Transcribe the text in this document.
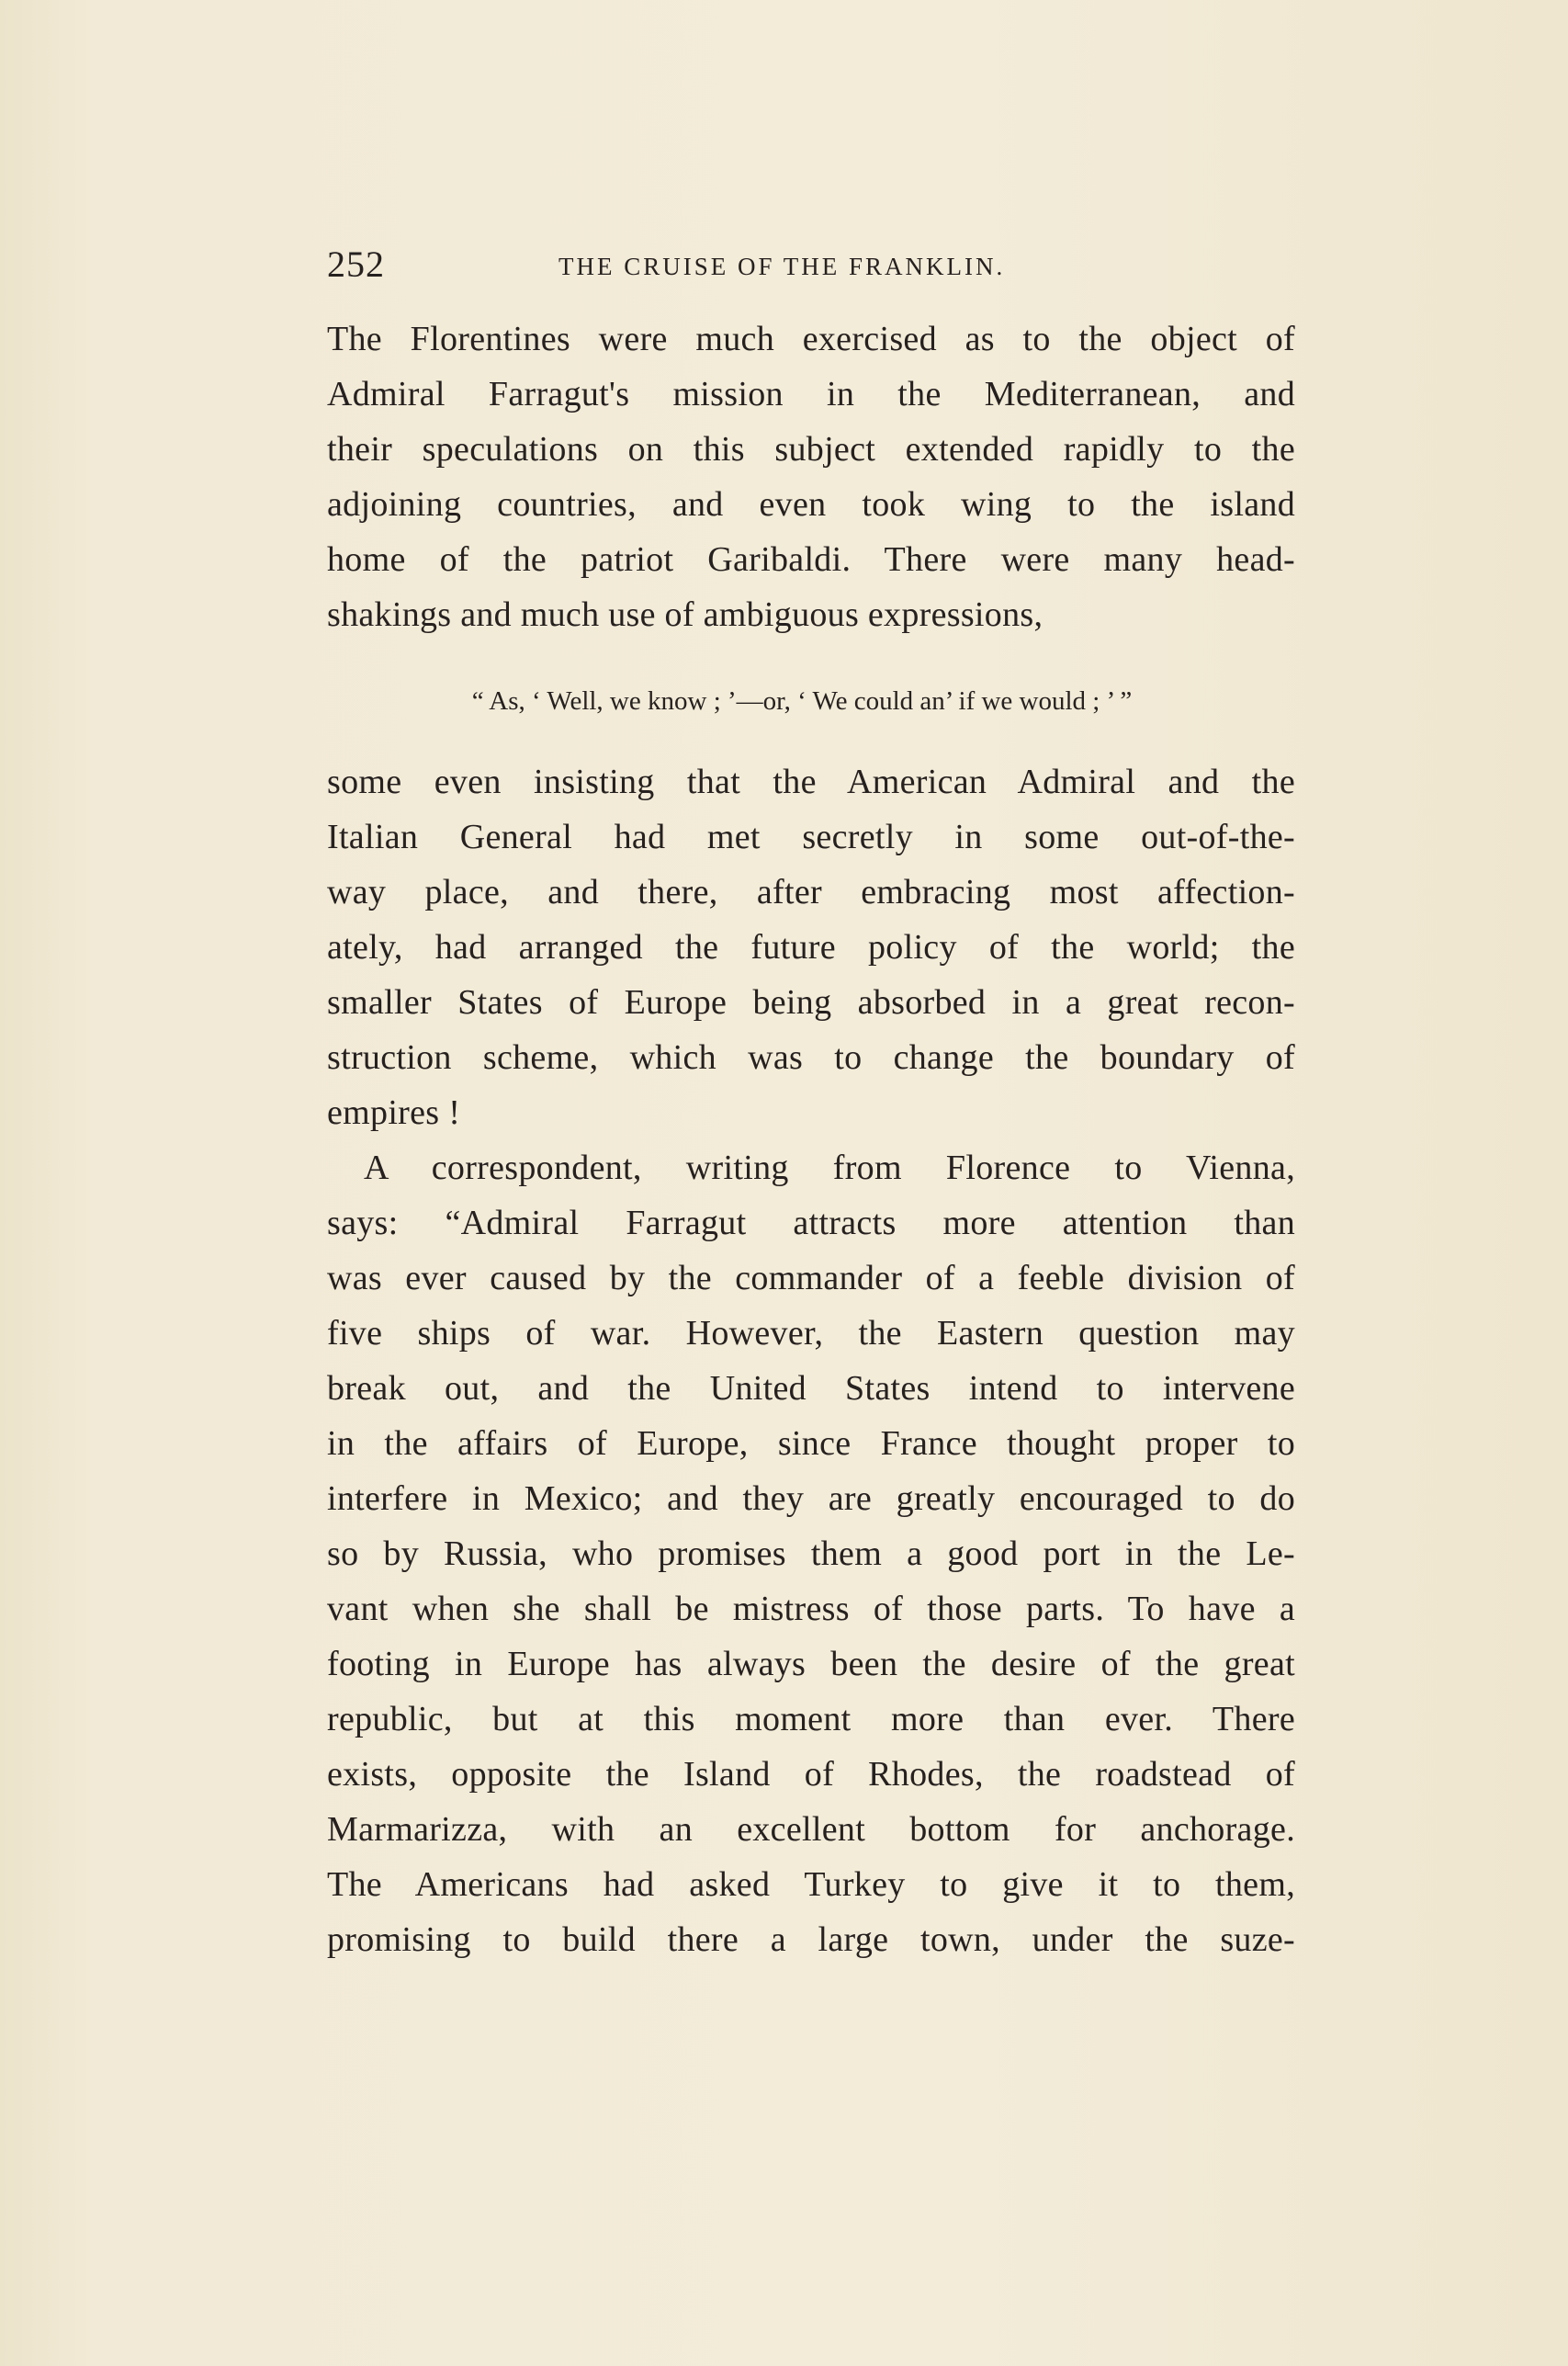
252	THE CRUISE OF THE FRANKLIN.
The Florentines were much exercised as to the object of
Admiral Farragut's mission in the Mediterranean, and
their speculations on this subject extended rapidly to the
adjoining countries, and even took wing to the island
home of the patriot Garibaldi. There were many head-
shakings and much use of ambiguous expressions,
“ As, ‘ Well, we know ; ’—or, ‘ We could an’ if we would ; ’ ”
some even insisting that the American Admiral and the
Italian General had met secretly in some out-of-the-
way place, and there, after embracing most affection-
ately, had arranged the future policy of the world; the
smaller States of Europe being absorbed in a great recon-
struction scheme, which was to change the boundary of
empires !
A correspondent, writing from Florence to Vienna,
says: “Admiral Farragut attracts more attention than
was ever caused by the commander of a feeble division of
five ships of war. However, the Eastern question may
break out, and the United States intend to intervene
in the affairs of Europe, since France thought proper to
interfere in Mexico; and they are greatly encouraged to do
so by Russia, who promises them a good port in the Le-
vant when she shall be mistress of those parts. To have a
footing in Europe has always been the desire of the great
republic, but at this moment more than ever. There
exists, opposite the Island of Rhodes, the roadstead of
Marmarizza, with an excellent bottom for anchorage.
The Americans had asked Turkey to give it to them,
promising to build there a large town, under the suze-
